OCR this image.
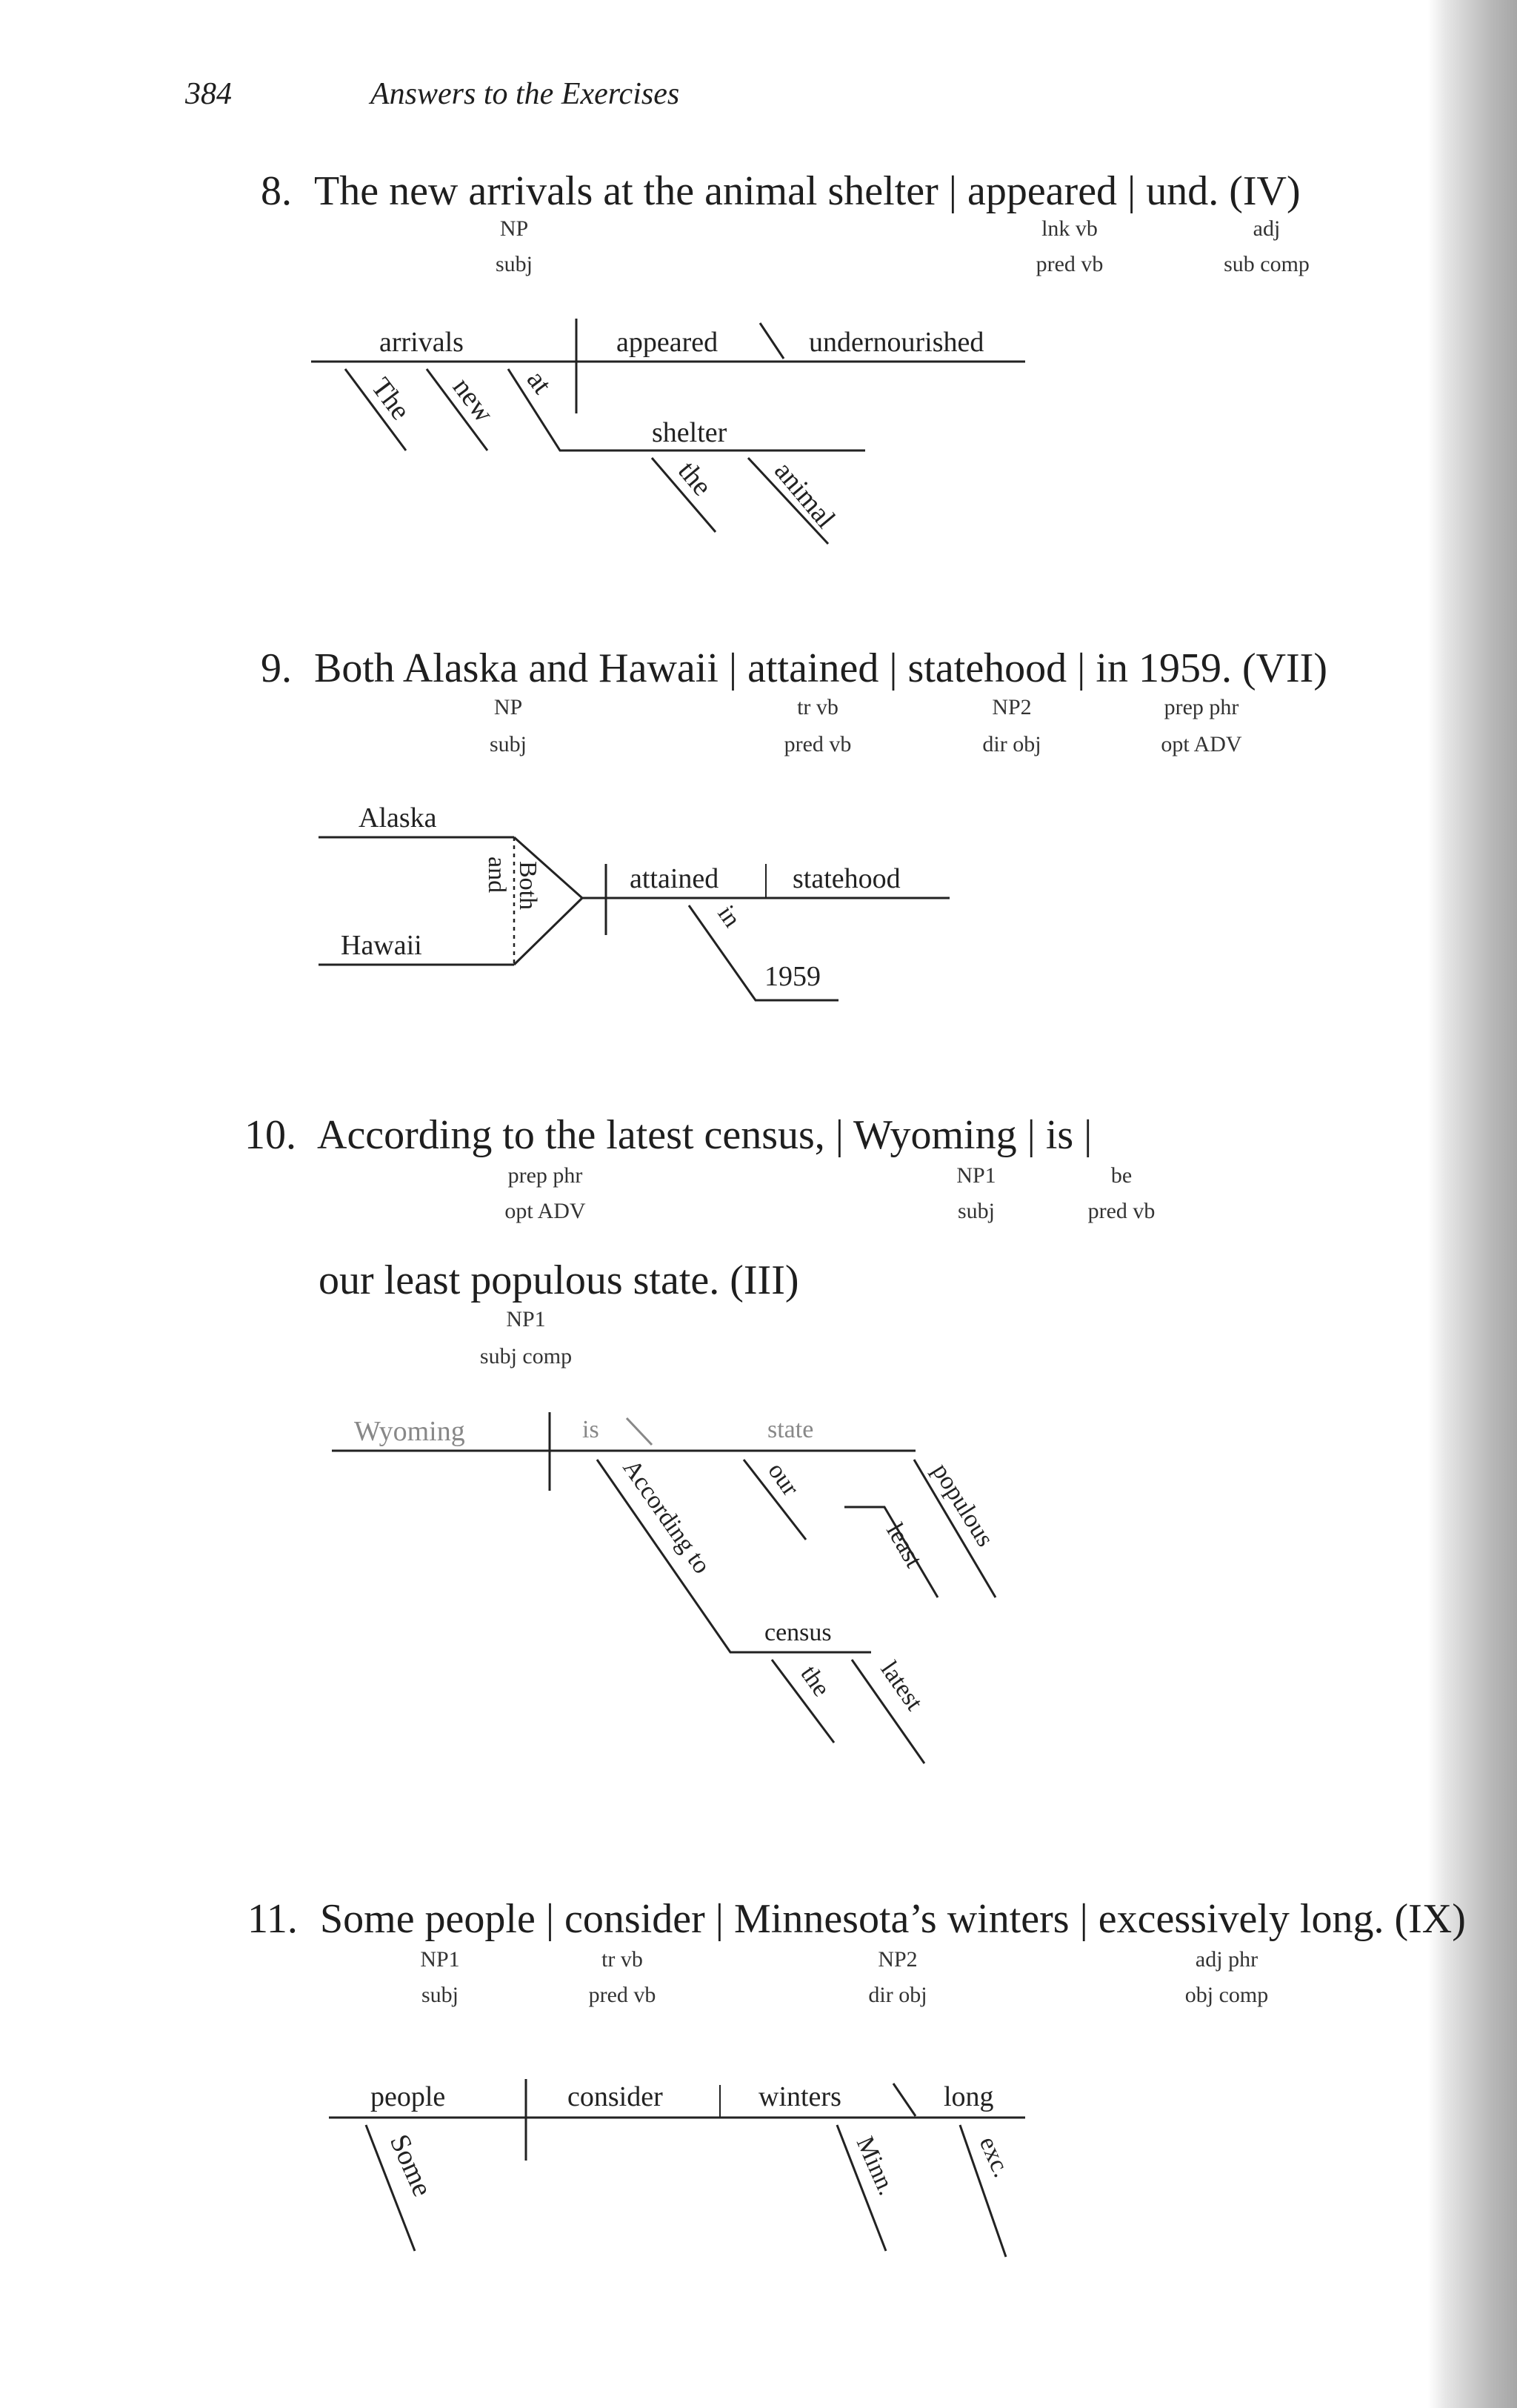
384	Answers to the Exercises
8. The new arrivals at the animal shelter | appeared | und. (IV)
NP
subj
lnk vb
pred vb
adj
sub comp
arrivals	appeared	undernourished
The new at
shelter
the animal
9. Both Alaska and Hawaii | attained | statehood | in 1959. (VII)
NP
subj
tr vb
pred vb
NP2
dir obj
prep phr
opt ADV
Alaska
Hawaii
and Both	attained	statehood
in
1959
10. According to the latest census, | Wyoming | is |
our least populous state. (III)
prep phr
opt ADV
NP1
subj
be
pred vb
NP1
subj comp
Wyoming	is	state
According to
census
the latest
our
least
populous
11. Some people | consider | Minnesota’s winters | excessively long. (IX)
NP1
subj
tr vb
pred vb
NP2
dir obj
adj phr
obj comp
people	consider	winters	long
Some	Minn.	exc.
